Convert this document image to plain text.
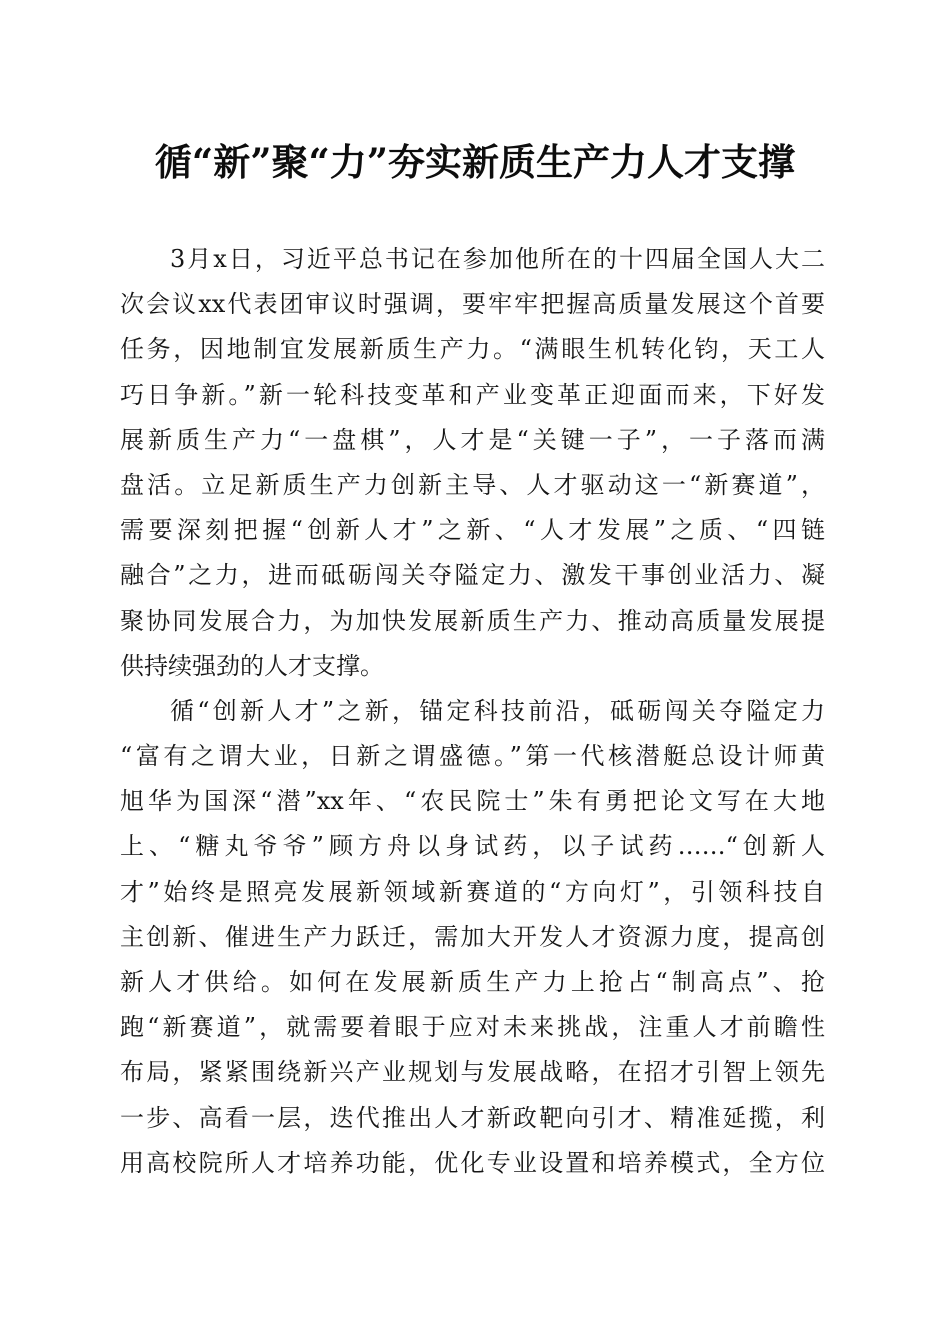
循“新”聚“力”夯实新质生产力人才支撑
3月x日，习近平总书记在参加他所在的十四届全国人大二
次会议xx代表团审议时强调，要牢牢把握高质量发展这个首要
任务，因地制宜发展新质生产力。“满眼生机转化钧，天工人
巧日争新。”新一轮科技变革和产业变革正迎面而来，下好发
展新质生产力“一盘棋”，人才是“关键一子”，一子落而满
盘活。立足新质生产力创新主导、人才驱动这一“新赛道”，
需要深刻把握“创新人才”之新、“人才发展”之质、“四链
融合”之力，进而砥砺闯关夺隘定力、激发干事创业活力、凝
聚协同发展合力，为加快发展新质生产力、推动高质量发展提
供持续强劲的人才支撑。
循“创新人才”之新，锚定科技前沿，砥砺闯关夺隘定力
“富有之谓大业，日新之谓盛德。”第一代核潜艇总设计师黄
旭华为国深“潜”xx年、“农民院士”朱有勇把论文写在大地
上、“糖丸爷爷”顾方舟以身试药，以子试药……“创新人
才”始终是照亮发展新领域新赛道的“方向灯”，引领科技自
主创新、催进生产力跃迁，需加大开发人才资源力度，提高创
新人才供给。如何在发展新质生产力上抢占“制高点”、抢
跑“新赛道”，就需要着眼于应对未来挑战，注重人才前瞻性
布局，紧紧围绕新兴产业规划与发展战略，在招才引智上领先
一步、高看一层，迭代推出人才新政靶向引才、精准延揽，利
用高校院所人才培养功能，优化专业设置和培养模式，全方位
